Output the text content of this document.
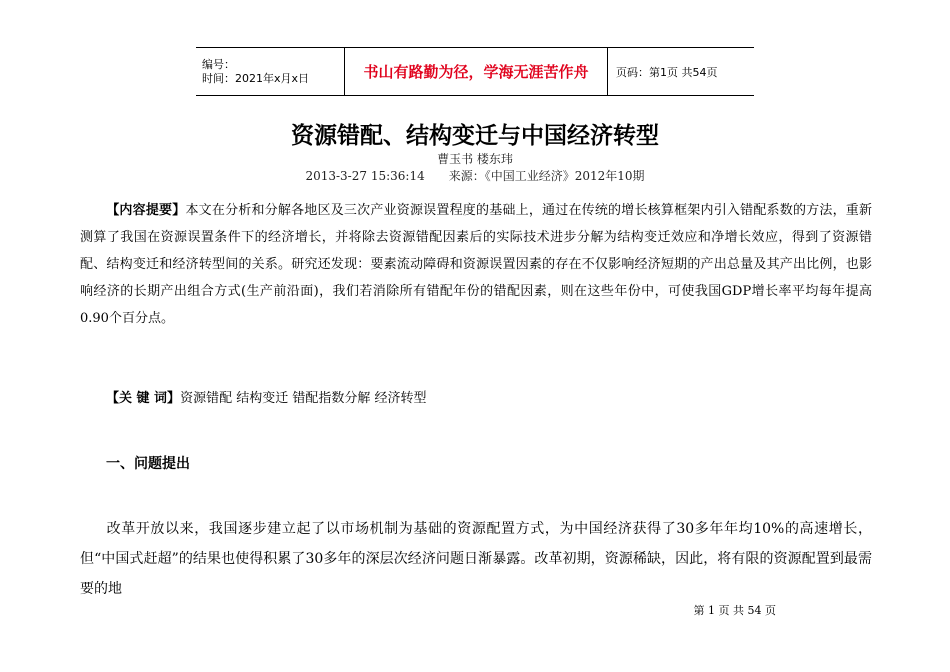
编号：
时间：2021年x月x日	书山有路勤为径，学海无涯苦作舟	页码：第1页 共54页
资源错配、结构变迁与中国经济转型
曹玉书 楼东玮
2013-3-27 15:36:14 来源：《中国工业经济》2012年10期
【内容提要】本文在分析和分解各地区及三次产业资源误置程度的基础上，通过在传统的增长核算框架内引入错配系数的方法，重新测算了我国在资源误置条件下的经济增长，并将除去资源错配因素后的实际技术进步分解为结构变迁效应和净增长效应，得到了资源错配、结构变迁和经济转型间的关系。研究还发现：要素流动障碍和资源误置因素的存在不仅影响经济短期的产出总量及其产出比例，也影响经济的长期产出组合方式(生产前沿面)，我们若消除所有错配年份的错配因素，则在这些年份中，可使我国GDP增长率平均每年提高0.90个百分点。
【关 键 词】资源错配 结构变迁 错配指数分解 经济转型
一、问题提出
改革开放以来，我国逐步建立起了以市场机制为基础的资源配置方式，为中国经济获得了30多年年均10%的高速增长，但“中国式赶超”的结果也使得积累了30多年的深层次经济问题日渐暴露。改革初期，资源稀缺，因此，将有限的资源配置到最需要的地
第 1 页 共 54 页
